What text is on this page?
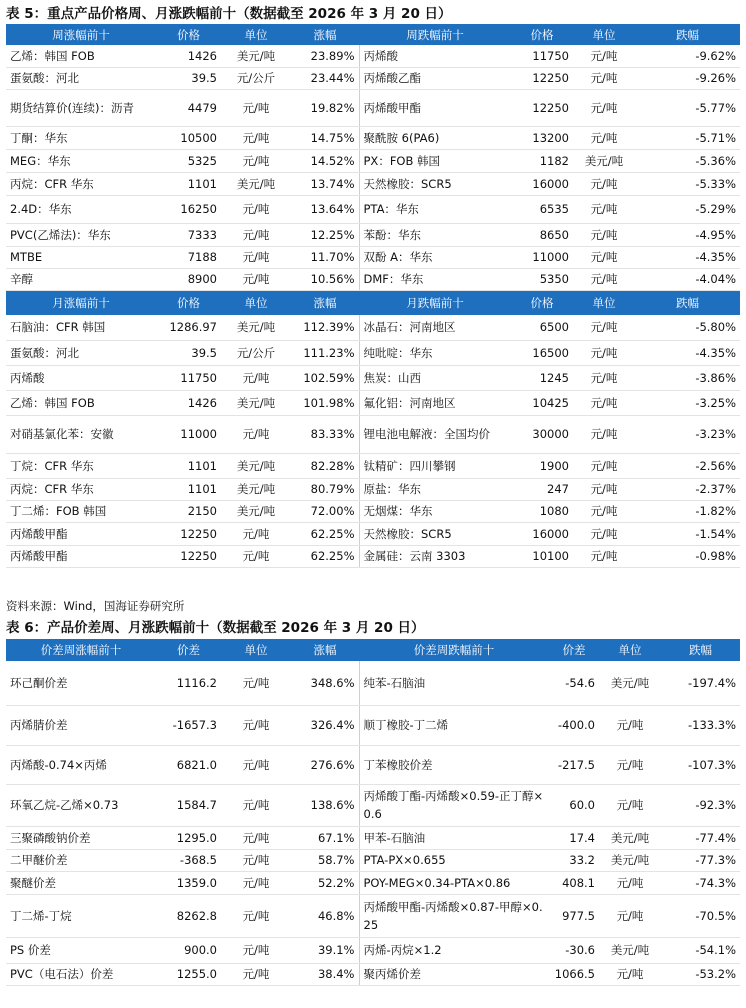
表 5：重点产品价格周、月涨跌幅前十（数据截至 2026 年 3 月 20 日）
周涨幅前十	价格	单位	涨幅	周跌幅前十	价格	单位	跌幅
乙烯：韩国 FOB	1426	美元/吨	23.89%	丙烯酸	11750	元/吨	-9.62%
蛋氨酸：河北	39.5	元/公斤	23.44%	丙烯酸乙酯	12250	元/吨	-9.26%
期货结算价(连续)：沥青	4479	元/吨	19.82%	丙烯酸甲酯	12250	元/吨	-5.77%
丁酮：华东	10500	元/吨	14.75%	聚酰胺 6(PA6)	13200	元/吨	-5.71%
MEG：华东	5325	元/吨	14.52%	PX：FOB 韩国	1182	美元/吨	-5.36%
丙烷：CFR 华东	1101	美元/吨	13.74%	天然橡胶：SCR5	16000	元/吨	-5.33%
2.4D：华东	16250	元/吨	13.64%	PTA：华东	6535	元/吨	-5.29%
PVC(乙烯法)：华东	7333	元/吨	12.25%	苯酚：华东	8650	元/吨	-4.95%
MTBE	7188	元/吨	11.70%	双酚 A：华东	11000	元/吨	-4.35%
辛醇	8900	元/吨	10.56%	DMF：华东	5350	元/吨	-4.04%
月涨幅前十	价格	单位	涨幅	月跌幅前十	价格	单位	跌幅
石脑油：CFR 韩国	1286.97	美元/吨	112.39%	冰晶石：河南地区	6500	元/吨	-5.80%
蛋氨酸：河北	39.5	元/公斤	111.23%	纯吡啶：华东	16500	元/吨	-4.35%
丙烯酸	11750	元/吨	102.59%	焦炭：山西	1245	元/吨	-3.86%
乙烯：韩国 FOB	1426	美元/吨	101.98%	氟化铝：河南地区	10425	元/吨	-3.25%
对硝基氯化苯：安徽	11000	元/吨	83.33%	锂电池电解液：全国均价	30000	元/吨	-3.23%
丁烷：CFR 华东	1101	美元/吨	82.28%	钛精矿：四川攀钢	1900	元/吨	-2.56%
丙烷：CFR 华东	1101	美元/吨	80.79%	原盐：华东	247	元/吨	-2.37%
丁二烯：FOB 韩国	2150	美元/吨	72.00%	无烟煤：华东	1080	元/吨	-1.82%
丙烯酸甲酯	12250	元/吨	62.25%	天然橡胶：SCR5	16000	元/吨	-1.54%
丙烯酸甲酯	12250	元/吨	62.25%	金属硅：云南 3303	10100	元/吨	-0.98%
资料来源：Wind，国海证券研究所
表 6：产品价差周、月涨跌幅前十（数据截至 2026 年 3 月 20 日）
价差周涨幅前十	价差	单位	涨幅	价差周跌幅前十	价差	单位	跌幅
环己酮价差	1116.2	元/吨	348.6%	纯苯-石脑油	-54.6	美元/吨	-197.4%
丙烯腈价差	-1657.3	元/吨	326.4%	顺丁橡胶-丁二烯	-400.0	元/吨	-133.3%
丙烯酸-0.74×丙烯	6821.0	元/吨	276.6%	丁苯橡胶价差	-217.5	元/吨	-107.3%
环氧乙烷-乙烯×0.73	1584.7	元/吨	138.6%	丙烯酸丁酯-丙烯酸×0.59-正丁醇×0.6	60.0	元/吨	-92.3%
三聚磷酸钠价差	1295.0	元/吨	67.1%	甲苯-石脑油	17.4	美元/吨	-77.4%
二甲醚价差	-368.5	元/吨	58.7%	PTA-PX×0.655	33.2	美元/吨	-77.3%
聚醚价差	1359.0	元/吨	52.2%	POY-MEG×0.34-PTA×0.86	408.1	元/吨	-74.3%
丁二烯-丁烷	8262.8	元/吨	46.8%	丙烯酸甲酯-丙烯酸×0.87-甲醇×0.25	977.5	元/吨	-70.5%
PS 价差	900.0	元/吨	39.1%	丙烯-丙烷×1.2	-30.6	美元/吨	-54.1%
PVC（电石法）价差	1255.0	元/吨	38.4%	聚丙烯价差	1066.5	元/吨	-53.2%
